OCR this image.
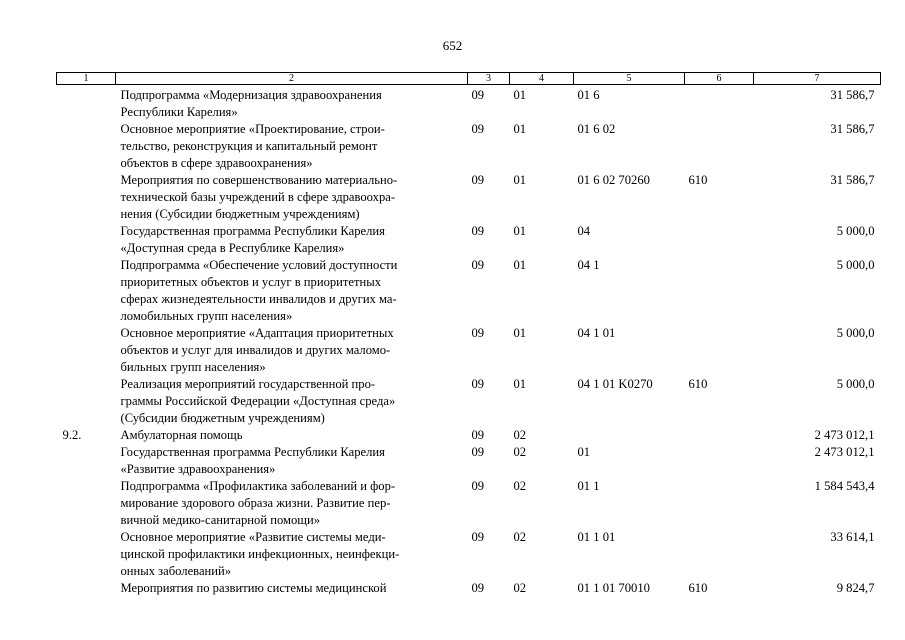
652
1	2	3	4	5	6	7

	Подпрограмма «Модернизация здравоохранения
Республики Карелия»	09	01	01 6		31 586,7

	Основное мероприятие «Проектирование, строи-
тельство, реконструкция и капитальный ремонт
объектов в сфере здравоохранения»	09	01	01 6 02		31 586,7

	Мероприятия по совершенствованию материально-
технической базы учреждений в сфере здравоохра-
нения (Субсидии бюджетным учреждениям)	09	01	01 6 02 70260	610	31 586,7

	Государственная программа Республики Карелия
«Доступная среда в Республике Карелия»	09	01	04		5 000,0

	Подпрограмма «Обеспечение условий доступности
приоритетных объектов и услуг в приоритетных
сферах жизнедеятельности инвалидов и других ма-
ломобильных групп населения»	09	01	04 1		5 000,0

	Основное мероприятие «Адаптация приоритетных
объектов и услуг для инвалидов и других маломо-
бильных групп населения»	09	01	04 1 01		5 000,0

	Реализация мероприятий государственной про-
граммы Российской Федерации «Доступная среда»
(Субсидии бюджетным учреждениям)	09	01	04 1 01 K0270	610	5 000,0
9.2.	Амбулаторная помощь	09	02			2 473 012,1

	Государственная программа Республики Карелия
«Развитие здравоохранения»	09	02	01		2 473 012,1

	Подпрограмма «Профилактика заболеваний и фор-
мирование здорового образа жизни. Развитие пер-
вичной медико-санитарной помощи»	09	02	01 1		1 584 543,4

	Основное мероприятие «Развитие системы меди-
цинской профилактики инфекционных, неинфекци-
онных заболеваний»	09	02	01 1 01		33 614,1

	Мероприятия по развитию системы медицинской	09	02	01 1 01 70010	610	9 824,7
